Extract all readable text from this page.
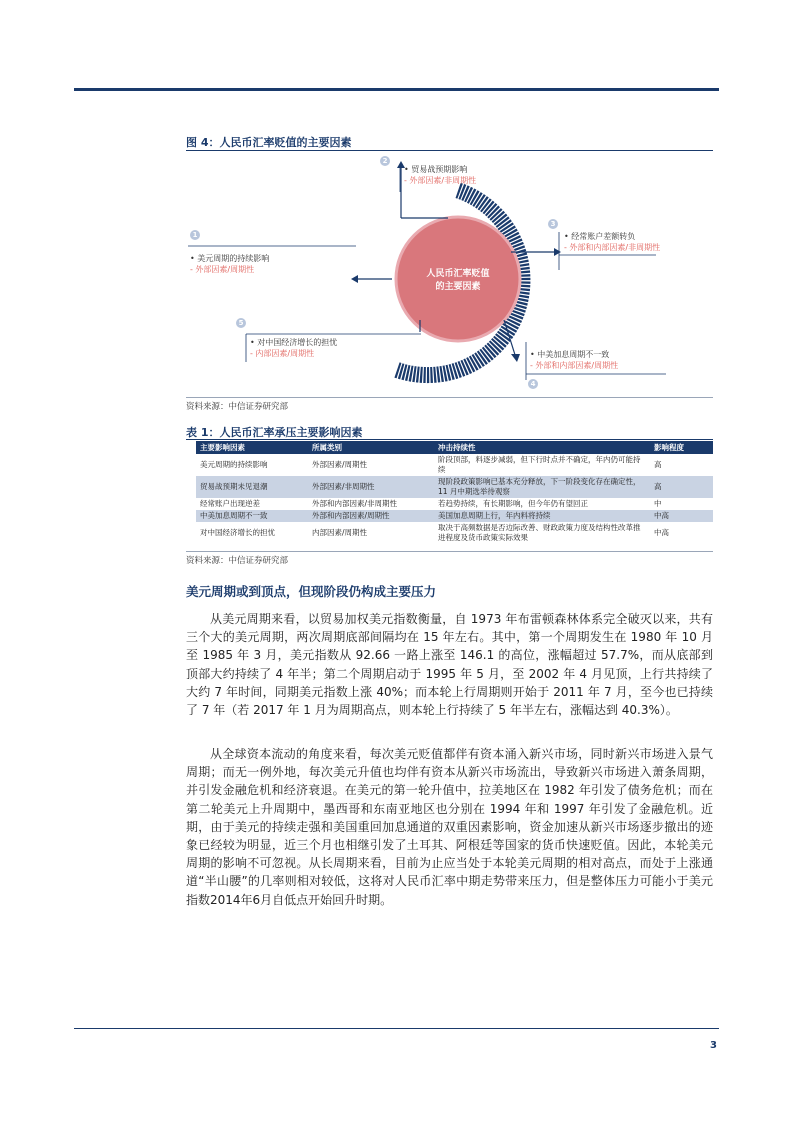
图 4：人民币汇率贬值的主要因素
人民币汇率贬值
的主要因素
2
• 贸易战预期影响
- 外部因素/非周期性
3
• 经常账户差额转负
- 外部和内部因素/非周期性
1
• 美元周期的持续影响
- 外部因素/周期性
5
• 对中国经济增长的担忧
- 内部因素/周期性
4
• 中美加息周期不一致
- 外部和内部因素/周期性
资料来源：中信证券研究部
表 1：人民币汇率承压主要影响因素
主要影响因素	所属类别	冲击持续性	影响程度
美元周期的持续影响	外部因素/周期性	阶段顶部，料逐步减弱，但下行时点并不确定，年内仍可能持续	高
贸易战预期未见退潮	外部因素/非周期性	现阶段政策影响已基本充分释放，下一阶段变化存在确定性，11 月中期选举待观察	高
经常账户出现逆差	外部和内部因素/非周期性	若趋势持续，有长期影响，但今年仍有望回正	中
中美加息周期不一致	外部和内部因素/周期性	美国加息周期上行，年内料将持续	中高
对中国经济增长的担忧	内部因素/周期性	取决于高频数据是否边际改善、财政政策力度及结构性改革推进程度及货币政策实际效果	中高
资料来源：中信证券研究部
美元周期或到顶点，但现阶段仍构成主要压力
从美元周期来看，以贸易加权美元指数衡量，自 1973 年布雷顿森林体系完全破灭以来，共有三个大的美元周期，两次周期底部间隔均在 15 年左右。其中，第一个周期发生在 1980 年 10 月至 1985 年 3 月，美元指数从 92.66 一路上涨至 146.1 的高位，涨幅超过 57.7%，而从底部到顶部大约持续了 4 年半；第二个周期启动于 1995 年 5 月，至 2002 年 4 月见顶，上行共持续了大约 7 年时间，同期美元指数上涨 40%；而本轮上行周期则开始于 2011 年 7 月，至今也已持续了 7 年（若 2017 年 1 月为周期高点，则本轮上行持续了 5 年半左右，涨幅达到 40.3%）。
从全球资本流动的角度来看，每次美元贬值都伴有资本涌入新兴市场，同时新兴市场进入景气周期；而无一例外地，每次美元升值也均伴有资本从新兴市场流出，导致新兴市场进入萧条周期，并引发金融危机和经济衰退。在美元的第一轮升值中，拉美地区在 1982 年引发了债务危机；而在第二轮美元上升周期中，墨西哥和东南亚地区也分别在 1994 年和 1997 年引发了金融危机。近期，由于美元的持续走强和美国重回加息通道的双重因素影响，资金加速从新兴市场逐步撤出的迹象已经较为明显，近三个月也相继引发了土耳其、阿根廷等国家的货币快速贬值。因此，本轮美元周期的影响不可忽视。从长周期来看，目前为止应当处于本轮美元周期的相对高点，而处于上涨通道“半山腰”的几率则相对较低，这将对人民币汇率中期走势带来压力，但是整体压力可能小于美元指数2014年6月自低点开始回升时期。
3
